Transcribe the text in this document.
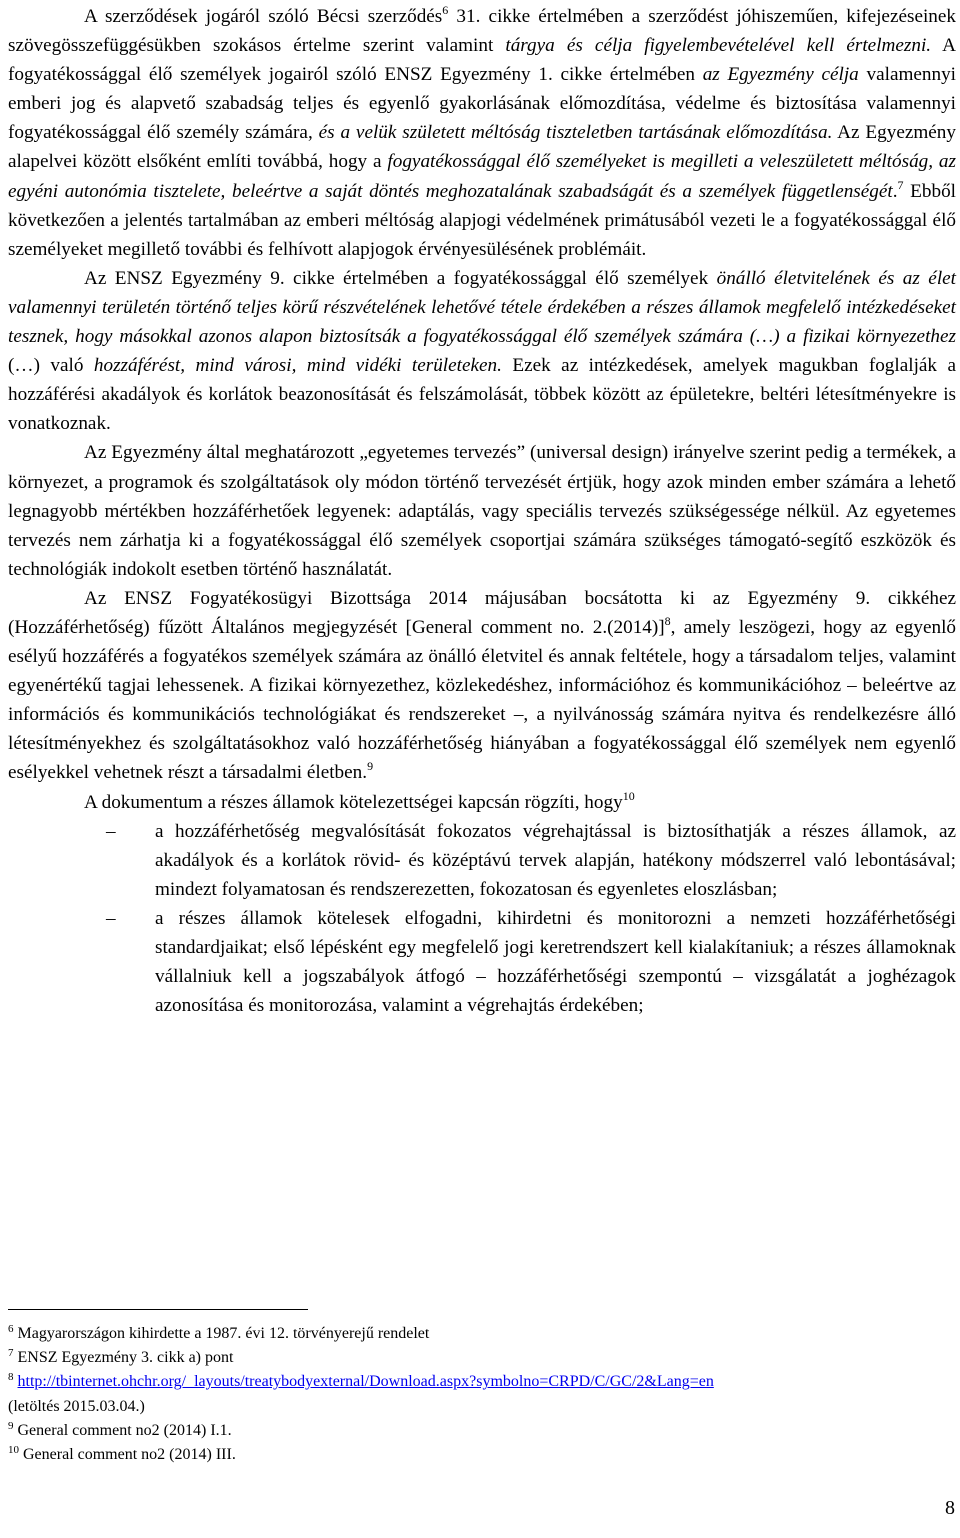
A szerződések jogáról szóló Bécsi szerződés$^6$ 31. cikke értelmében a szerződést jóhiszeműen, kifejezéseinek szövegösszefüggésükben szokásos értelme szerint valamint tárgya és célja figyelembevételével kell értelmezni. A fogyatékossággal élő személyek jogairól szóló ENSZ Egyezmény 1. cikke értelmében az Egyezmény célja valamennyi emberi jog és alapvető szabadság teljes és egyenlő gyakorlásának előmozdítása, védelme és biztosítása valamennyi fogyatékossággal élő személy számára, és a velük született méltóság tiszteletben tartásának előmozdítása. Az Egyezmény alapelvei között elsőként említi továbbá, hogy a fogyatékossággal élő személyeket is megilleti a veleszületett méltóság, az egyéni autonómia tisztelete, beleértve a saját döntés meghozatalának szabadságát és a személyek függetlenségét.$^7$ Ebből következően a jelentés tartalmában az emberi méltóság alapjogi védelmének primátusából vezeti le a fogyatékossággal élő személyeket megillető további és felhívott alapjogok érvényesülésének problémáit.

Az ENSZ Egyezmény 9. cikke értelmében a fogyatékossággal élő személyek önálló életvitelének és az élet valamennyi területén történő teljes körű részvételének lehetővé tétele érdekében a részes államok megfelelő intézkedéseket tesznek, hogy másokkal azonos alapon biztosítsák a fogyatékossággal élő személyek számára (…) a fizikai környezethez (…) való hozzáférést, mind városi, mind vidéki területeken. Ezek az intézkedések, amelyek magukban foglalják a hozzáférési akadályok és korlátok beazonosítását és felszámolását, többek között az épületekre, beltéri létesítményekre is vonatkoznak.

Az Egyezmény által meghatározott „egyetemes tervezés” (universal design) irányelve szerint pedig a termékek, a környezet, a programok és szolgáltatások oly módon történő tervezését értjük, hogy azok minden ember számára a lehető legnagyobb mértékben hozzáférhetőek legyenek: adaptálás, vagy speciális tervezés szükségessége nélkül. Az egyetemes tervezés nem zárhatja ki a fogyatékossággal élő személyek csoportjai számára szükséges támogató-segítő eszközök és technológiák indokolt esetben történő használatát.

Az ENSZ Fogyatékosügyi Bizottsága 2014 májusában bocsátotta ki az Egyezmény 9. cikkéhez (Hozzáférhetőség) fűzött Általános megjegyzését [General comment no. 2.(2014)]$^8$, amely leszögezi, hogy az egyenlő esélyű hozzáférés a fogyatékos személyek számára az önálló életvitel és annak feltétele, hogy a társadalom teljes, valamint egyenértékű tagjai lehessenek. A fizikai környezethez, közlekedéshez, információhoz és kommunikációhoz – beleértve az információs és kommunikációs technológiákat és rendszereket –, a nyilvánosság számára nyitva és rendelkezésre álló létesítményekhez és szolgáltatásokhoz való hozzáférhetőség hiányában a fogyatékossággal élő személyek nem egyenlő esélyekkel vehetnek részt a társadalmi életben.$^9$

A dokumentum a részes államok kötelezettségei kapcsán rögzíti, hogy$^{10}$

– a hozzáférhetőség megvalósítását fokozatos végrehajtással is biztosíthatják a részes államok, az akadályok és a korlátok rövid- és középtávú tervek alapján, hatékony módszerrel való lebontásával; mindezt folyamatosan és rendszerezetten, fokozatosan és egyenletes eloszlásban;
– a részes államok kötelesek elfogadni, kihirdetni és monitorozni a nemzeti hozzáférhetőségi standardjaikat; első lépésként egy megfelelő jogi keretrendszert kell kialakítaniuk; a részes államoknak vállalniuk kell a jogszabályok átfogó – hozzáférhetőségi szempontú – vizsgálatát a joghézagok azonosítása és monitorozása, valamint a végrehajtás érdekében;

$^6$ Magyarországon kihirdette a 1987. évi 12. törvényerejű rendelet

$^7$ ENSZ Egyezmény 3. cikk a) pont

$^8$ http://tbinternet.ohchr.org/_layouts/treatybodyexternal/Download.aspx?symbolno=CRPD/C/GC/2&Lang=en

(letöltés 2015.03.04.)

$^9$ General comment no2 (2014) I.1.

$^{10}$ General comment no2 (2014) III.

8
